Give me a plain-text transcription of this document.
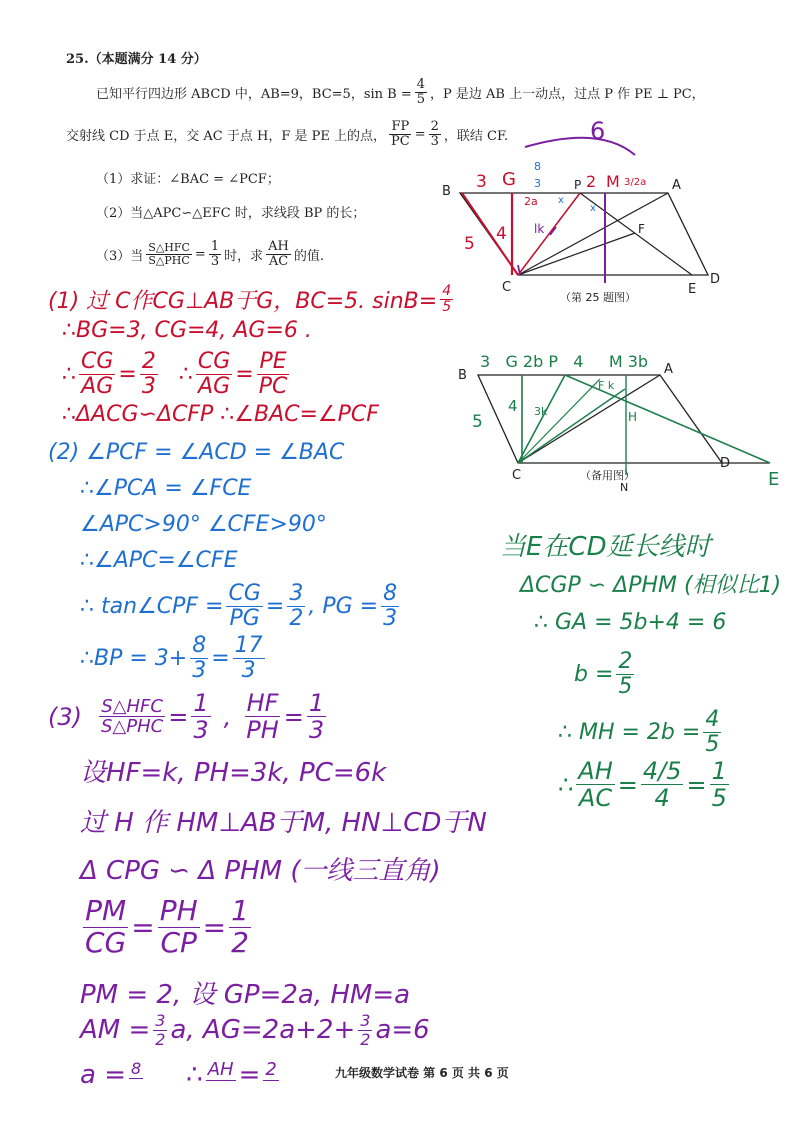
25.（本题满分 14 分）
已知平行四边形 ABCD 中，AB=9，BC=5，$\sin B = \frac{4}{5}$ ，P 是边 AB 上一动点，过点 P 作 PE ⊥ PC，
交射线 CD 于点 E，交 AC 于点 H，F 是 PE 上的点， $\frac{FP}{PC} = \frac{2}{3}$ ，联结 CF.
（1）求证：∠BAC = ∠PCF；
（2）当△APC∽△EFC 时，求线段 BP 的长；
（3）当 $\frac{\text{S△HFC}}{\text{S△PHC}} = \frac{1}{3}$ 时，求 $\frac{AH}{AC}$ 的值.
B	A
C
D
E
P
F
（第 25 题图）
6
3 G
8
3	2 M 3/2a
2a x
x
4
5
lk
B	A
C
D
（备用图）
N
3   G 2b P   4     M 3b
4
5
3k	H
F k
E
(1) 过 C作CG⊥AB于G，BC=5. $\sin B= \frac{4}{5}$
∴BG=3, CG=4, AG=6 .
∴ $\frac{CG}{AG} = \frac{2}{3}$ ∴ $\frac{CG}{AG} = \frac{PE}{PC}$
∴ΔACG∽ΔCFP ∴∠BAC=∠PCF
(2) ∠PCF = ∠ACD = ∠BAC
∴∠PCA = ∠FCE
∠APC>90° ∠CFE>90°
∴∠APC=∠CFE
∴ tan∠CPF = $\frac{CG}{PG} = \frac{3}{2}$ , PG = $\frac{8}{3}$
∴BP = $3+ \frac{8}{3} = \frac{17}{3}$
$(3) \frac{\text{S△HFC}}{\text{S△PHC}} = \frac{1}{3}$ , $\frac{HF}{PH} = \frac{1}{3}$
设HF=k, PH=3k, PC=6k
过 H 作 HM⊥AB于M, HN⊥CD于N
Δ CPG ∽ Δ PHM (一线三直角)
$\frac{PM}{CG} = \frac{PH}{CP} = \frac{1}{2}$
PM = 2, 设 GP=2a, HM=a
AM = $\frac{3}{2} a$, $AG=2a+2+ \frac{3}{2} a=6$
a = 8 ∴ AH = 2
当E在CD延长线时
ΔCGP ∽ ΔPHM (相似比1)
∴ GA = 5b+4 = 6
$b = \frac{2}{5}$
∴ MH = $2b = \frac{4}{5}$
∴ $\frac{AH}{AC} = \frac{4/5}{4} = \frac{1}{5}$
九年级数学试卷 第 6 页 共 6 页
